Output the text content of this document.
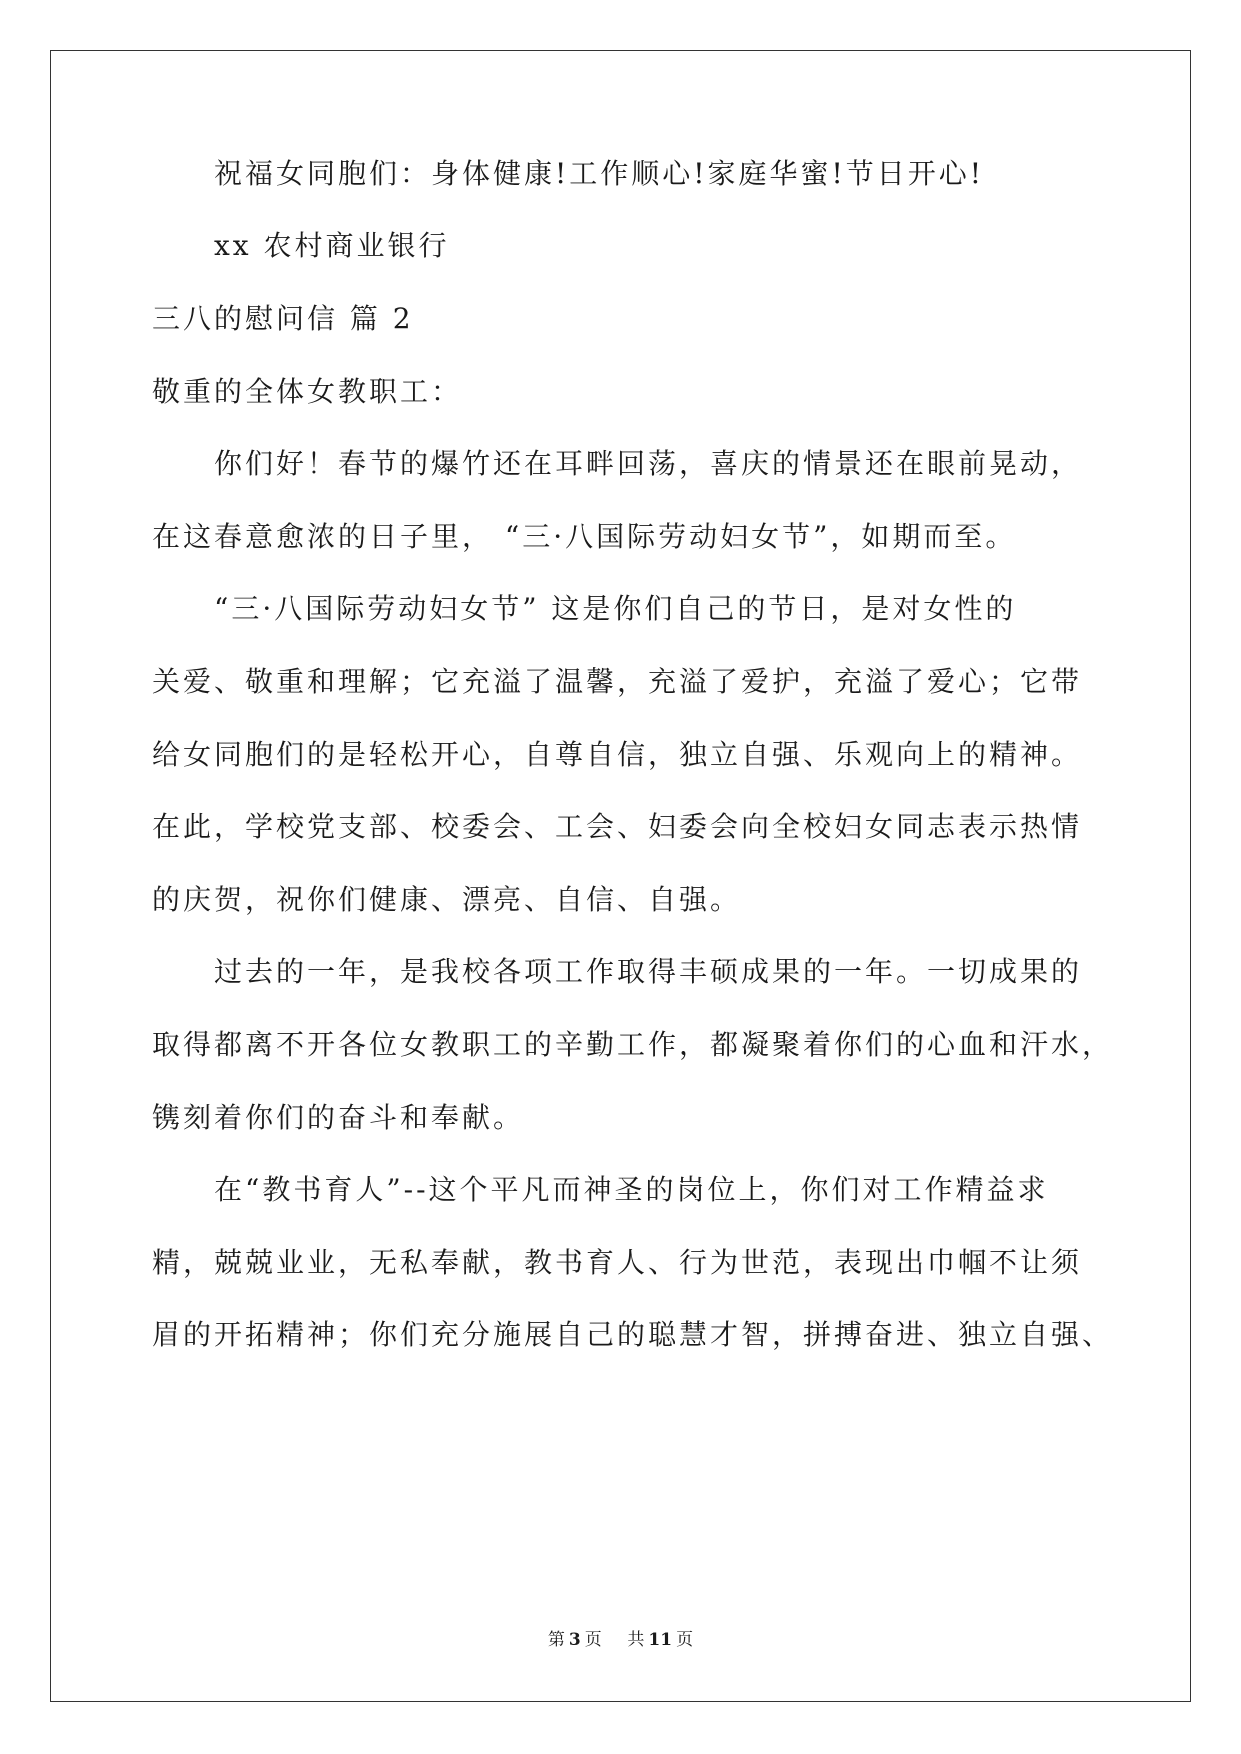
祝福女同胞们：身体健康!工作顺心!家庭华蜜!节日开心!
xx 农村商业银行
三八的慰问信 篇 2
敬重的全体女教职工：
你们好！春节的爆竹还在耳畔回荡，喜庆的情景还在眼前晃动，
在这春意愈浓的日子里， “三·八国际劳动妇女节”，如期而至。
“三·八国际劳动妇女节” 这是你们自己的节日，是对女性的
关爱、敬重和理解；它充溢了温馨，充溢了爱护，充溢了爱心；它带
给女同胞们的是轻松开心，自尊自信，独立自强、乐观向上的精神。
在此，学校党支部、校委会、工会、妇委会向全校妇女同志表示热情
的庆贺，祝你们健康、漂亮、自信、自强。
过去的一年，是我校各项工作取得丰硕成果的一年。一切成果的
取得都离不开各位女教职工的辛勤工作，都凝聚着你们的心血和汗水，
镌刻着你们的奋斗和奉献。
在“教书育人”--这个平凡而神圣的岗位上，你们对工作精益求
精，兢兢业业，无私奉献，教书育人、行为世范，表现出巾帼不让须
眉的开拓精神；你们充分施展自己的聪慧才智，拼搏奋进、独立自强、
第 3 页 共 11 页
